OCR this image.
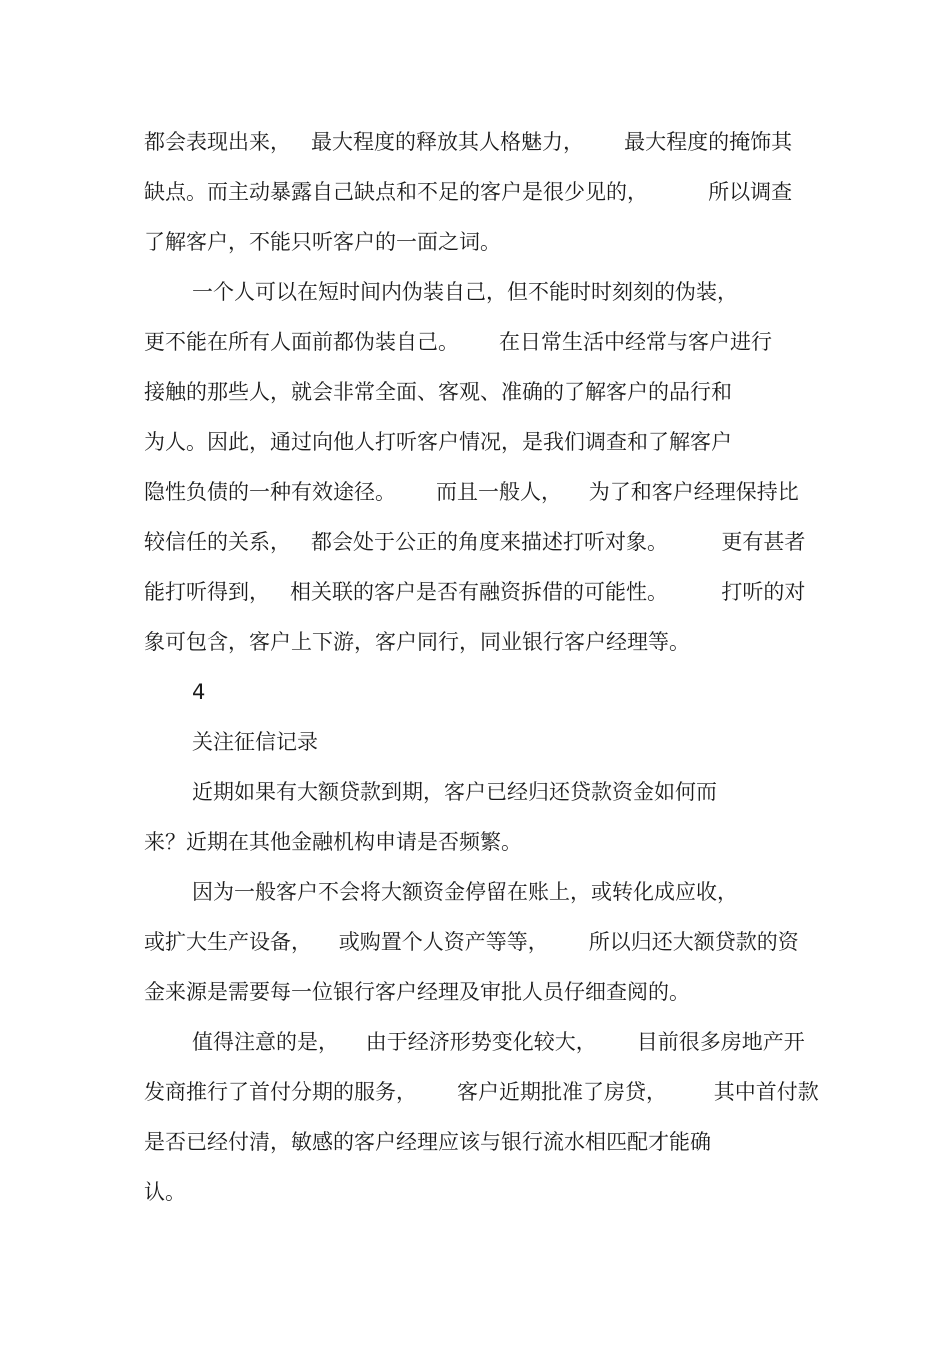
都会表现出来，   最大程度的释放其人格魅力，      最大程度的掩饰其
缺点。而主动暴露自己缺点和不足的客户是很少见的，         所以调查
了解客户，不能只听客户的一面之词。
一个人可以在短时间内伪装自己，但不能时时刻刻的伪装，
更不能在所有人面前都伪装自己。      在日常生活中经常与客户进行
接触的那些人，就会非常全面、客观、准确的了解客户的品行和
为人。因此，通过向他人打听客户情况，是我们调查和了解客户
隐性负债的一种有效途径。      而且一般人，    为了和客户经理保持比
较信任的关系，   都会处于公正的角度来描述打听对象。        更有甚者
能打听得到，   相关联的客户是否有融资拆借的可能性。        打听的对
象可包含，客户上下游，客户同行，同业银行客户经理等。
4
关注征信记录
近期如果有大额贷款到期，客户已经归还贷款资金如何而
来？近期在其他金融机构申请是否频繁。
因为一般客户不会将大额资金停留在账上，或转化成应收，
或扩大生产设备，    或购置个人资产等等，      所以归还大额贷款的资
金来源是需要每一位银行客户经理及审批人员仔细查阅的。
值得注意的是，    由于经济形势变化较大，      目前很多房地产开
发商推行了首付分期的服务，      客户近期批准了房贷，       其中首付款
是否已经付清，敏感的客户经理应该与银行流水相匹配才能确
认。
